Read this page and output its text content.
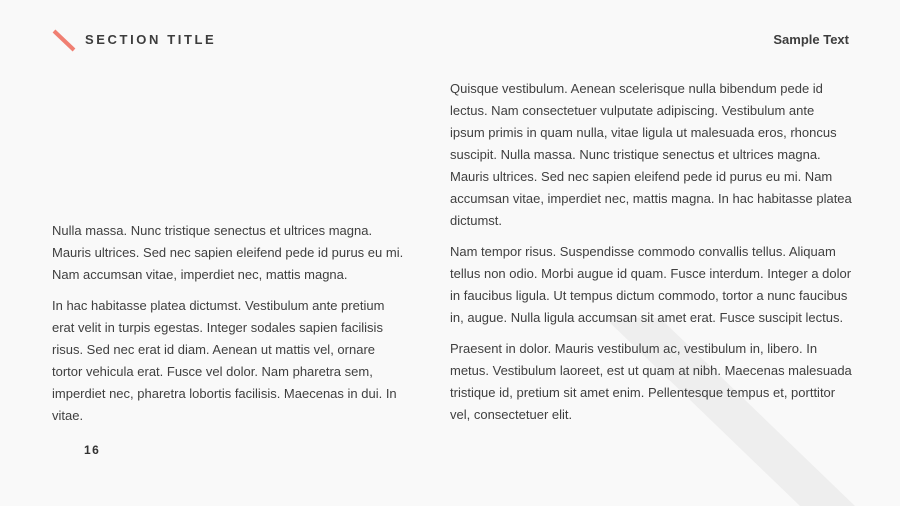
SECTION TITLE	Sample Text

Nulla massa. Nunc tristique senectus et ultrices magna. Mauris ultrices. Sed nec sapien eleifend pede id purus eu mi. Nam accumsan vitae, imperdiet nec, mattis magna.

In hac habitasse platea dictumst. Vestibulum ante pretium erat velit in turpis egestas. Integer sodales sapien facilisis risus. Sed nec erat id diam. Aenean ut mattis vel, ornare tortor vehicula erat. Fusce vel dolor. Nam pharetra sem, imperdiet nec, pharetra lobortis facilisis. Maecenas in dui. In vitae.

Quisque vestibulum. Aenean scelerisque nulla bibendum pede id lectus. Nam consectetuer vulputate adipiscing. Vestibulum ante ipsum primis in quam nulla, vitae ligula ut malesuada eros, rhoncus suscipit. Nulla massa. Nunc tristique senectus et ultrices magna. Mauris ultrices. Sed nec sapien eleifend pede id purus eu mi. Nam accumsan vitae, imperdiet nec, mattis magna. In hac habitasse platea dictumst.

Nam tempor risus. Suspendisse commodo convallis tellus. Aliquam tellus non odio. Morbi augue id quam. Fusce interdum. Integer a dolor in faucibus ligula. Ut tempus dictum commodo, tortor a nunc faucibus in, augue. Nulla ligula accumsan sit amet erat. Fusce suscipit lectus.

Praesent in dolor. Mauris vestibulum ac, vestibulum in, libero. In metus. Vestibulum laoreet, est ut quam at nibh. Maecenas malesuada tristique id, pretium sit amet enim. Pellentesque tempus et, porttitor vel, consectetuer elit.

16
